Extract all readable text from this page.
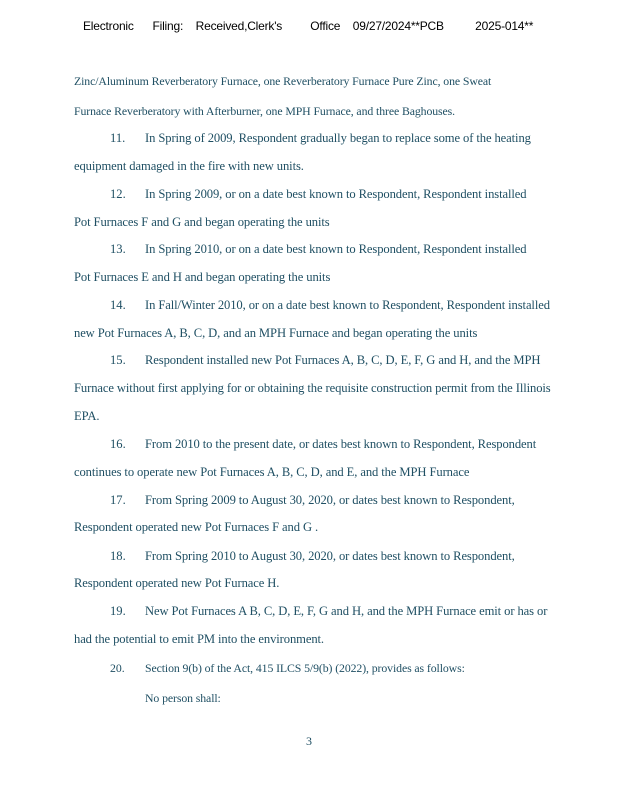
Electronic      Filing:    Received,Clerk's         Office    09/27/2024**PCB          2025-014**
Zinc/Aluminum Reverberatory Furnace, one Reverberatory Furnace Pure Zinc, one Sweat
Furnace Reverberatory with Afterburner, one MPH Furnace, and three Baghouses.
11. In Spring of 2009, Respondent gradually began to replace some of the heating
equipment damaged in the fire with new units.
12. In Spring 2009, or on a date best known to Respondent, Respondent installed
Pot Furnaces F and G and began operating the units
13. In Spring 2010, or on a date best known to Respondent, Respondent installed
Pot Furnaces E and H and began operating the units
14. In Fall/Winter 2010, or on a date best known to Respondent, Respondent installed
new Pot Furnaces A, B, C, D, and an MPH Furnace and began operating the units
15. Respondent installed new Pot Furnaces A, B, C, D, E, F, G and H, and the MPH
Furnace without first applying for or obtaining the requisite construction permit from the Illinois
EPA.
16. From 2010 to the present date, or dates best known to Respondent, Respondent
continues to operate new Pot Furnaces A, B, C, D, and E, and the MPH Furnace
17. From Spring 2009 to August 30, 2020, or dates best known to Respondent,
Respondent operated new Pot Furnaces F and G .
18. From Spring 2010 to August 30, 2020, or dates best known to Respondent,
Respondent operated new Pot Furnace H.
19. New Pot Furnaces A B, C, D, E, F, G and H, and the MPH Furnace emit or has or
had the potential to emit PM into the environment.
20. Section 9(b) of the Act, 415 ILCS 5/9(b) (2022), provides as follows:
No person shall:
3
